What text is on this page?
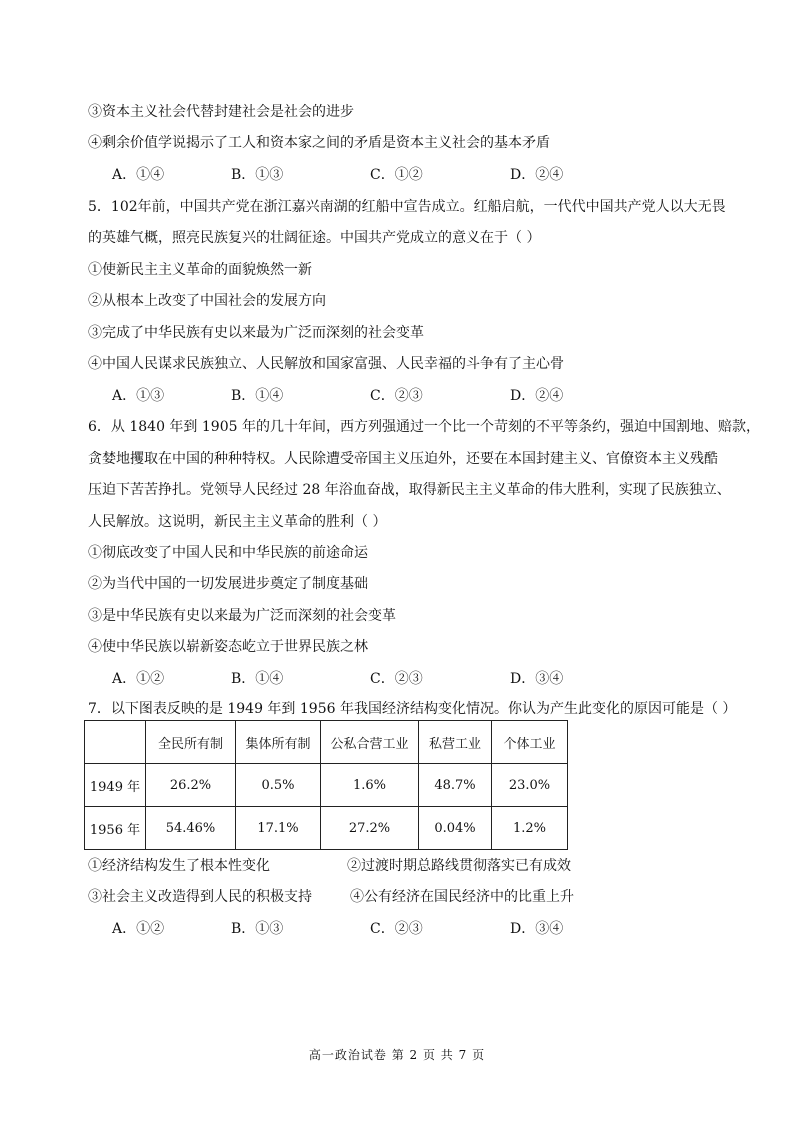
③资本主义社会代替封建社会是社会的进步
④剩余价值学说揭示了工人和资本家之间的矛盾是资本主义社会的基本矛盾
A．①④	B．①③	C．①②	D．②④
5．102年前，中国共产党在浙江嘉兴南湖的红船中宣告成立。红船启航，一代代中国共产党人以大无畏
的英雄气概，照亮民族复兴的壮阔征途。中国共产党成立的意义在于（ ）
①使新民主主义革命的面貌焕然一新
②从根本上改变了中国社会的发展方向
③完成了中华民族有史以来最为广泛而深刻的社会变革
④中国人民谋求民族独立、人民解放和国家富强、人民幸福的斗争有了主心骨
A．①③	B．①④	C．②③	D．②④
6．从 1840 年到 1905 年的几十年间，西方列强通过一个比一个苛刻的不平等条约，强迫中国割地、赔款，
贪婪地攫取在中国的种种特权。人民除遭受帝国主义压迫外，还要在本国封建主义、官僚资本主义残酷
压迫下苦苦挣扎。党领导人民经过 28 年浴血奋战，取得新民主主义革命的伟大胜利，实现了民族独立、
人民解放。这说明，新民主主义革命的胜利（ ）
①彻底改变了中国人民和中华民族的前途命运
②为当代中国的一切发展进步奠定了制度基础
③是中华民族有史以来最为广泛而深刻的社会变革
④使中华民族以崭新姿态屹立于世界民族之林
A．①②	B．①④	C．②③	D．③④
7．以下图表反映的是 1949 年到 1956 年我国经济结构变化情况。你认为产生此变化的原因可能是（ ）
	全民所有制	集体所有制	公私合营工业	私营工业	个体工业
1949 年	26.2%	0.5%	1.6%	48.7%	23.0%
1956 年	54.46%	17.1%	27.2%	0.04%	1.2%
①经济结构发生了根本性变化	②过渡时期总路线贯彻落实已有成效
③社会主义改造得到人民的积极支持	④公有经济在国民经济中的比重上升
A．①②	B．①③	C．②③	D．③④
高一政治试卷 第 2 页 共 7 页
